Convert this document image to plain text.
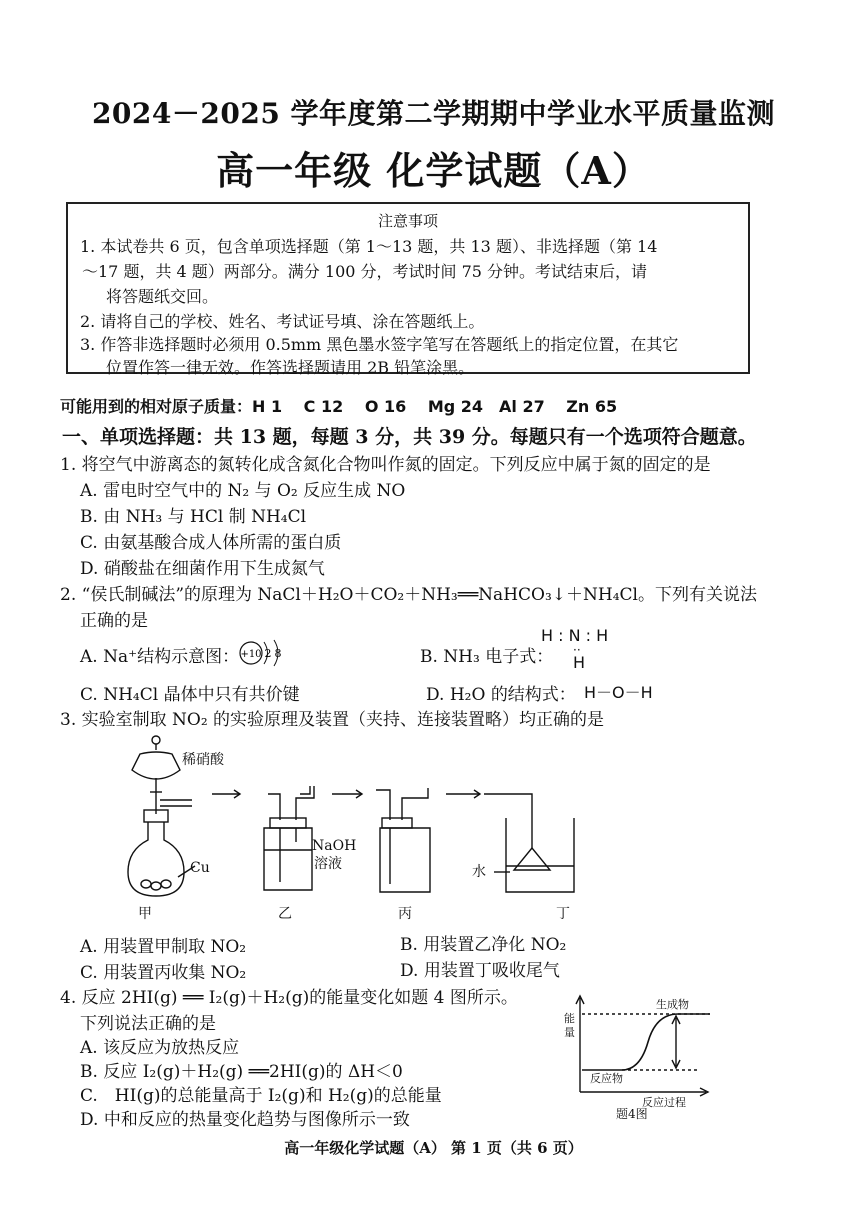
2024－2025 学年度第二学期期中学业水平质量监测
高一年级 化学试题（A）
注意事项
1. 本试卷共 6 页，包含单项选择题（第 1～13 题，共 13 题）、非选择题（第 14
～17 题，共 4 题）两部分。满分 100 分，考试时间 75 分钟。考试结束后，请
将答题纸交回。
2. 请将自己的学校、姓名、考试证号填、涂在答题纸上。
3. 作答非选择题时必须用 0.5mm 黑色墨水签字笔写在答题纸上的指定位置，在其它
位置作答一律无效。作答选择题请用 2B 铅笔涂黑。
可能用到的相对原子质量：H 1　 C 12　 O 16　 Mg 24　Al 27　 Zn 65
一、单项选择题：共 13 题，每题 3 分，共 39 分。每题只有一个选项符合题意。
1. 将空气中游离态的氮转化成含氮化合物叫作氮的固定。下列反应中属于氮的固定的是
A. 雷电时空气中的 N₂ 与 O₂ 反应生成 NO
B. 由 NH₃ 与 HCl 制 NH₄Cl
C. 由氨基酸合成人体所需的蛋白质
D. 硝酸盐在细菌作用下生成氮气
2. “侯氏制碱法”的原理为 NaCl＋H₂O＋CO₂＋NH₃══NaHCO₃↓＋NH₄Cl。下列有关说法
正确的是
A. Na⁺结构示意图： +10 2 8	B. NH₃ 电子式：
H : N : H
··
H
C. NH₄Cl 晶体中只有共价键	D. H₂O 的结构式： H－O－H
3. 实验室制取 NO₂ 的实验原理及装置（夹持、连接装置略）均正确的是
稀硝酸
Cu
NaOH
溶液	水
甲	乙	丙	丁
A. 用装置甲制取 NO₂	B. 用装置乙净化 NO₂
C. 用装置丙收集 NO₂	D. 用装置丁吸收尾气
4. 反应 2HI(g) ══ I₂(g)＋H₂(g)的能量变化如题 4 图所示。
下列说法正确的是
A. 该反应为放热反应
B. 反应 I₂(g)＋H₂(g) ══2HI(g)的 ΔH＜0
C.　HI(g)的总能量高于 I₂(g)和 H₂(g)的总能量
D. 中和反应的热量变化趋势与图像所示一致
生成物
反应物
能
量
反应过程
题4图
高一年级化学试题（A） 第 1 页（共 6 页）
